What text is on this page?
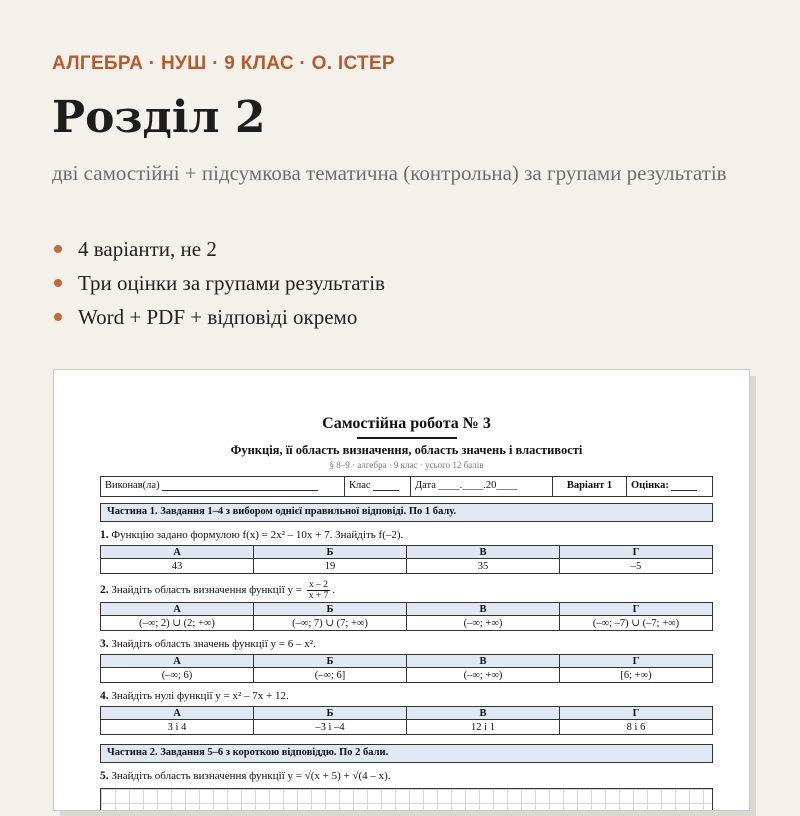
АЛГЕБРА · НУШ · 9 КЛАС · О. ІСТЕР
Розділ 2
дві самостійні + підсумкова тематична (контрольна) за групами результатів
4 варіанти, не 2
Три оцінки за групами результатів
Word + PDF + відповіді окремо
Самостійна робота № 3
Функція, її область визначення, область значень і властивості
§ 8–9 · алгебра · 9 клас · усього 12 балів
Виконав(ла)	Клас	Дата ____.____.20____	Варіант 1	Оцінка:
Частина 1. Завдання 1–4 з вибором однієї правильної відповіді. По 1 балу.
1. Функцію задано формулою f(x) = 2x² – 10x + 7. Знайдіть f(–2).
А	Б	В	Г
43	19	35	–5
2. Знайдіть область визначення функції $y = \frac{x - 2}{x + 7}$ .
А	Б	В	Г
(–∞; 2) ∪ (2; +∞)	(–∞; 7) ∪ (7; +∞)	(–∞; +∞)	(–∞; –7) ∪ (–7; +∞)
3. Знайдіть область значень функції y = 6 – x².
А	Б	В	Г
(–∞; 6)	(–∞; 6]	(–∞; +∞)	[6; +∞)
4. Знайдіть нулі функції y = x² – 7x + 12.
А	Б	В	Г
3 і 4	–3 і –4	12 і 1	8 і 6
Частина 2. Завдання 5–6 з короткою відповіддю. По 2 бали.
5. Знайдіть область визначення функції y = √(x + 5) + √(4 – x).
